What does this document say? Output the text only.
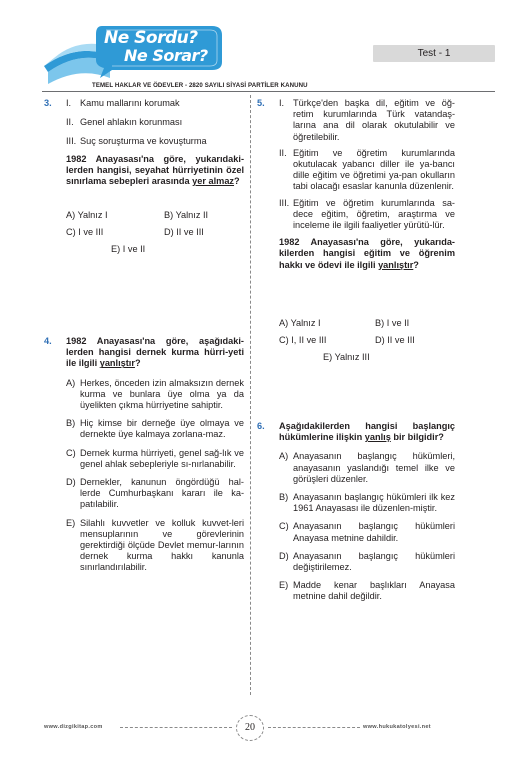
Ne Sordu?
Ne Sorar?	Test - 1
TEMEL HAKLAR VE ÖDEVLER - 2820 SAYILI SİYASİ PARTİLER KANUNU
3. I. Kamu mallarını korumak
II. Genel ahlakın korunması
III. Suç soruşturma ve kovuşturma
1982 Anayasası'na göre, yukarıdaki-lerden hangisi, seyahat hürriyetinin özel sınırlama sebepleri arasında yer almaz?
A) Yalnız I	B) Yalnız II
C) I ve III	D) II ve III
E) I ve II
4. 1982 Anayasası'na göre, aşağıdaki-lerden hangisi dernek kurma hürri-yeti ile ilgili yanlıştır?
A) Herkes, önceden izin almaksızın dernek kurma ve bunlara üye olma ya da üyelikten çıkma hürriyetine sahiptir.
B) Hiç kimse bir derneğe üye olmaya ve dernekte üye kalmaya zorlana-maz.
C) Dernek kurma hürriyeti, genel sağ-lık ve genel ahlak sebepleriyle sı-nırlanabilir.
D) Dernekler, kanunun öngördüğü hal-lerde Cumhurbaşkanı kararı ile ka-patılabilir.
E) Silahlı kuvvetler ve kolluk kuvvet-leri mensuplarının ve görevlerinin gerektirdiği ölçüde Devlet memur-larının dernek kurma hakkı kanunla sınırlandırılabilir.
5. I. Türkçe'den başka dil, eğitim ve öğ-retim kurumlarında Türk vatandaş-larına ana dil olarak okutulabilir ve öğretilebilir.
II. Eğitim ve öğretim kurumlarında okutulacak yabancı diller ile ya-bancı dille eğitim ve öğretimi ya-pan okulların tabi olacağı esaslar kanunla düzenlenir.
III. Eğitim ve öğretim kurumlarında sa-dece eğitim, öğretim, araştırma ve inceleme ile ilgili faaliyetler yürütü-lür.
1982 Anayasası'na göre, yukarıda-kilerden hangisi eğitim ve öğrenim hakkı ve ödevi ile ilgili yanlıştır?
A) Yalnız I	B) I ve II
C) I, II ve III	D) II ve III
E) Yalnız III
6. Aşağıdakilerden hangisi başlangıç hükümlerine ilişkin yanlış bir bilgidir?
A) Anayasanın başlangıç hükümleri, anayasanın yaslandığı temel ilke ve görüşleri düzenler.
B) Anayasanın başlangıç hükümleri ilk kez 1961 Anayasası ile düzenlen-miştir.
C) Anayasanın başlangıç hükümleri Anayasa metnine dahildir.
D) Anayasanın başlangıç hükümleri değiştirilemez.
E) Madde kenar başlıkları Anayasa metnine dahil değildir.
www.dizgikitap.com	20	www.hukukatolyesi.net
